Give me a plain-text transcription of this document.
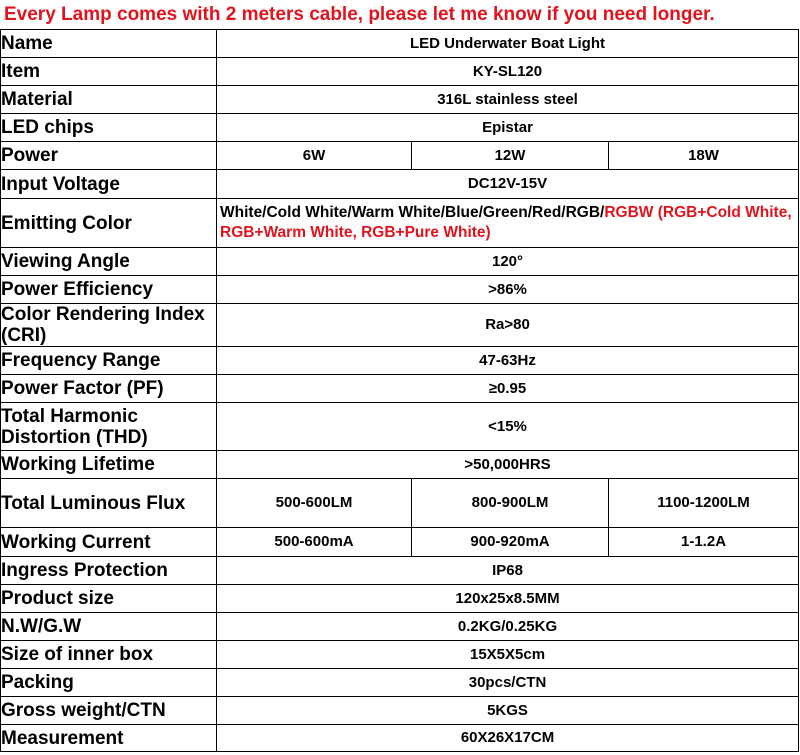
Every Lamp comes with 2 meters cable, please let me know if you need longer.
Name	LED Underwater Boat Light		
Item	KY-SL120		
Material	316L stainless steel		
LED chips	Epistar		
Power	6W	12W	18W
Input Voltage	DC12V-15V		
Emitting Color	White/Cold White/Warm White/Blue/Green/Red/RGB/RGBW (RGB+Cold White, RGB+Warm White, RGB+Pure White)		
Viewing Angle	120°		
Power Efficiency	>86%		
Color Rendering Index (CRI)	Ra>80		
Frequency Range	47-63Hz		
Power Factor (PF)	≥0.95		
Total Harmonic Distortion (THD)	<15%		
Working Lifetime	>50,000HRS		
Total Luminous Flux	500-600LM	800-900LM	1100-1200LM
Working Current	500-600mA	900-920mA	1-1.2A
Ingress Protection	IP68		
Product size	120x25x8.5MM		
N.W/G.W	0.2KG/0.25KG		
Size of inner box	15X5X5cm		
Packing	30pcs/CTN		
Gross weight/CTN	5KGS		
Measurement	60X26X17CM		
